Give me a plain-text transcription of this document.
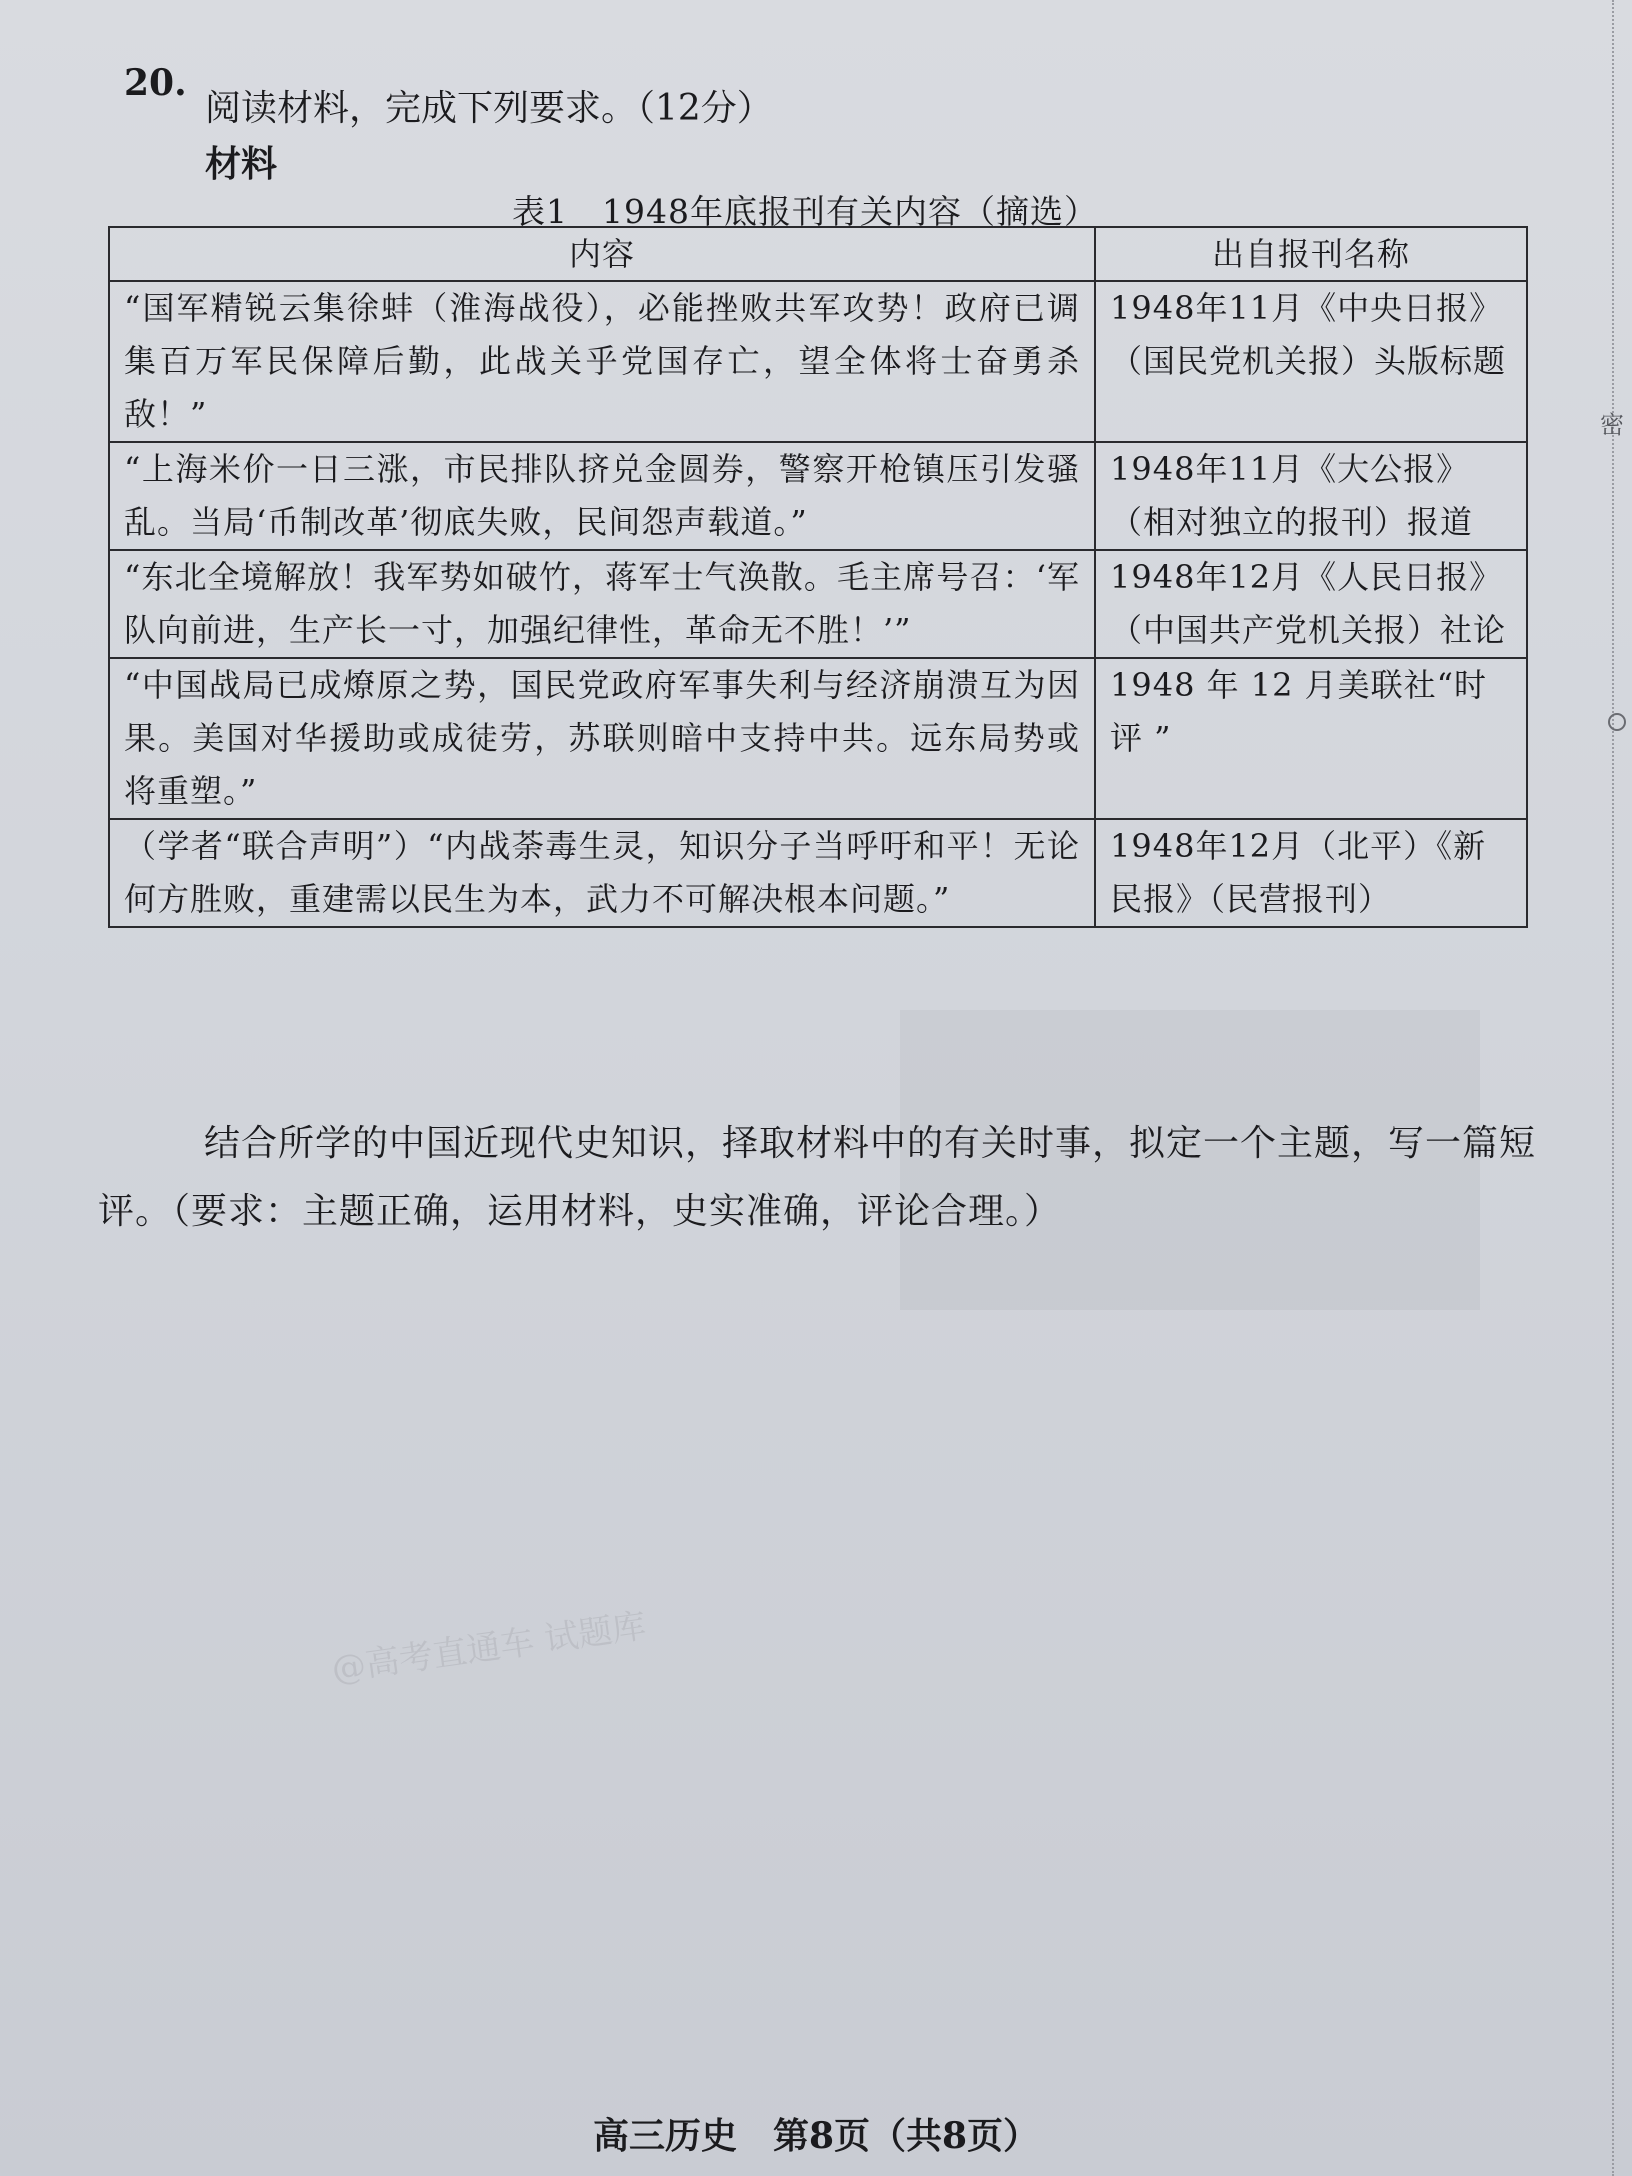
@高考直通车 试题库
密
20.
阅读材料，完成下列要求。（12分）
材料
表1　1948年底报刊有关内容（摘选）
内容	出自报刊名称
“国军精锐云集徐蚌（淮海战役），必能挫败共军攻势！政府已调集百万军民保障后勤，此战关乎党国存亡，望全体将士奋勇杀敌！”	1948年11月《中央日报》（国民党机关报）头版标题
“上海米价一日三涨，市民排队挤兑金圆券，警察开枪镇压引发骚乱。当局‘币制改革’彻底失败，民间怨声载道。”	1948年11月《大公报》（相对独立的报刊）报道
“东北全境解放！我军势如破竹，蒋军士气涣散。毛主席号召：‘军队向前进，生产长一寸，加强纪律性，革命无不胜！’”	1948年12月《人民日报》（中国共产党机关报）社论
“中国战局已成燎原之势，国民党政府军事失利与经济崩溃互为因果。美国对华援助或成徒劳，苏联则暗中支持中共。远东局势或将重塑。”	1948 年 12 月美联社“时评 ”
（学者“联合声明”）“内战荼毒生灵，知识分子当呼吁和平！无论何方胜败，重建需以民生为本，武力不可解决根本问题。”	1948年12月（北平）《新民报》（民营报刊）
结合所学的中国近现代史知识，择取材料中的有关时事，拟定一个主题，写一篇短评。（要求：主题正确，运用材料，史实准确，评论合理。）
高三历史　第8页（共8页）
